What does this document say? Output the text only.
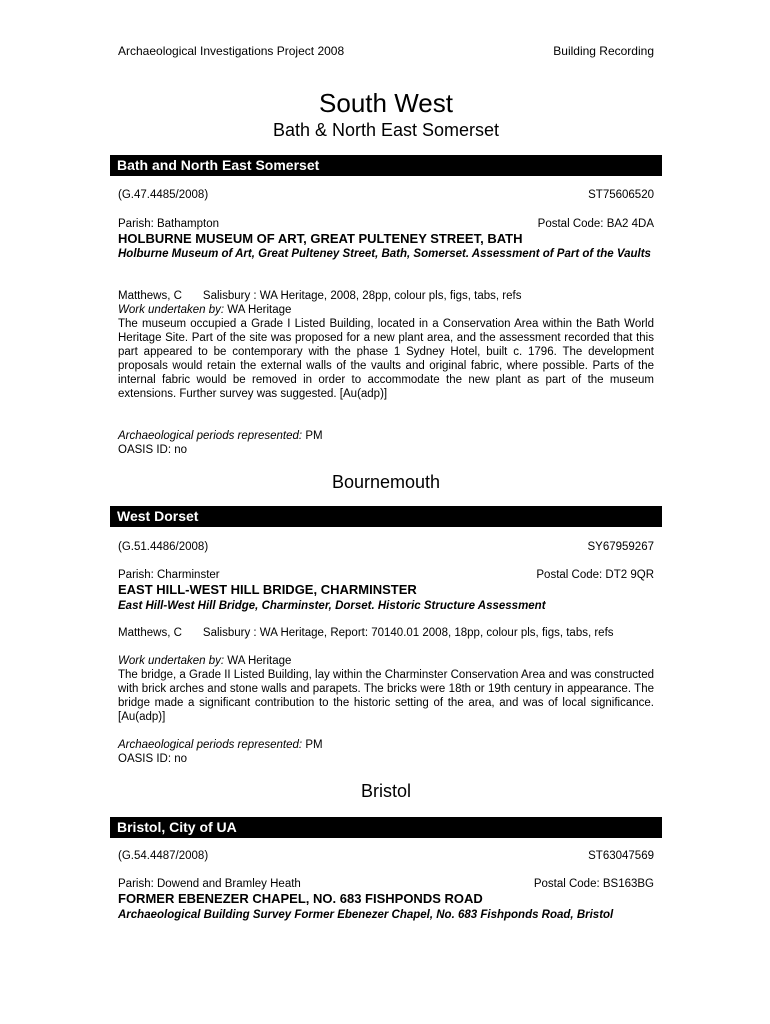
Archaeological Investigations Project 2008	Building Recording
South West
Bath & North East Somerset
Bath and North East Somerset
(G.47.4485/2008)	ST75606520
Parish: Bathampton	Postal Code: BA2 4DA
HOLBURNE MUSEUM OF ART, GREAT PULTENEY STREET, BATH
Holburne Museum of Art, Great Pulteney Street, Bath, Somerset. Assessment of Part of the Vaults
Matthews, C Salisbury : WA Heritage, 2008, 28pp, colour pls, figs, tabs, refs
Work undertaken by: WA Heritage
The museum occupied a Grade I Listed Building, located in a Conservation Area within the Bath World Heritage Site. Part of the site was proposed for a new plant area, and the assessment recorded that this part appeared to be contemporary with the phase 1 Sydney Hotel, built c. 1796. The development proposals would retain the external walls of the vaults and original fabric, where possible. Parts of the internal fabric would be removed in order to accommodate the new plant as part of the museum extensions. Further survey was suggested. [Au(adp)]
Archaeological periods represented: PM
OASIS ID: no
Bournemouth
West Dorset
(G.51.4486/2008)	SY67959267
Parish: Charminster	Postal Code: DT2 9QR
EAST HILL-WEST HILL BRIDGE, CHARMINSTER
East Hill-West Hill Bridge, Charminster, Dorset. Historic Structure Assessment
Matthews, C Salisbury : WA Heritage, Report: 70140.01 2008, 18pp, colour pls, figs, tabs, refs
Work undertaken by: WA Heritage
The bridge, a Grade II Listed Building, lay within the Charminster Conservation Area and was constructed with brick arches and stone walls and parapets. The bricks were 18th or 19th century in appearance. The bridge made a significant contribution to the historic setting of the area, and was of local significance. [Au(adp)]
Archaeological periods represented: PM
OASIS ID: no
Bristol
Bristol, City of UA
(G.54.4487/2008)	ST63047569
Parish: Dowend and Bramley Heath	Postal Code: BS163BG
FORMER EBENEZER CHAPEL, NO. 683 FISHPONDS ROAD
Archaeological Building Survey Former Ebenezer Chapel, No. 683 Fishponds Road, Bristol
